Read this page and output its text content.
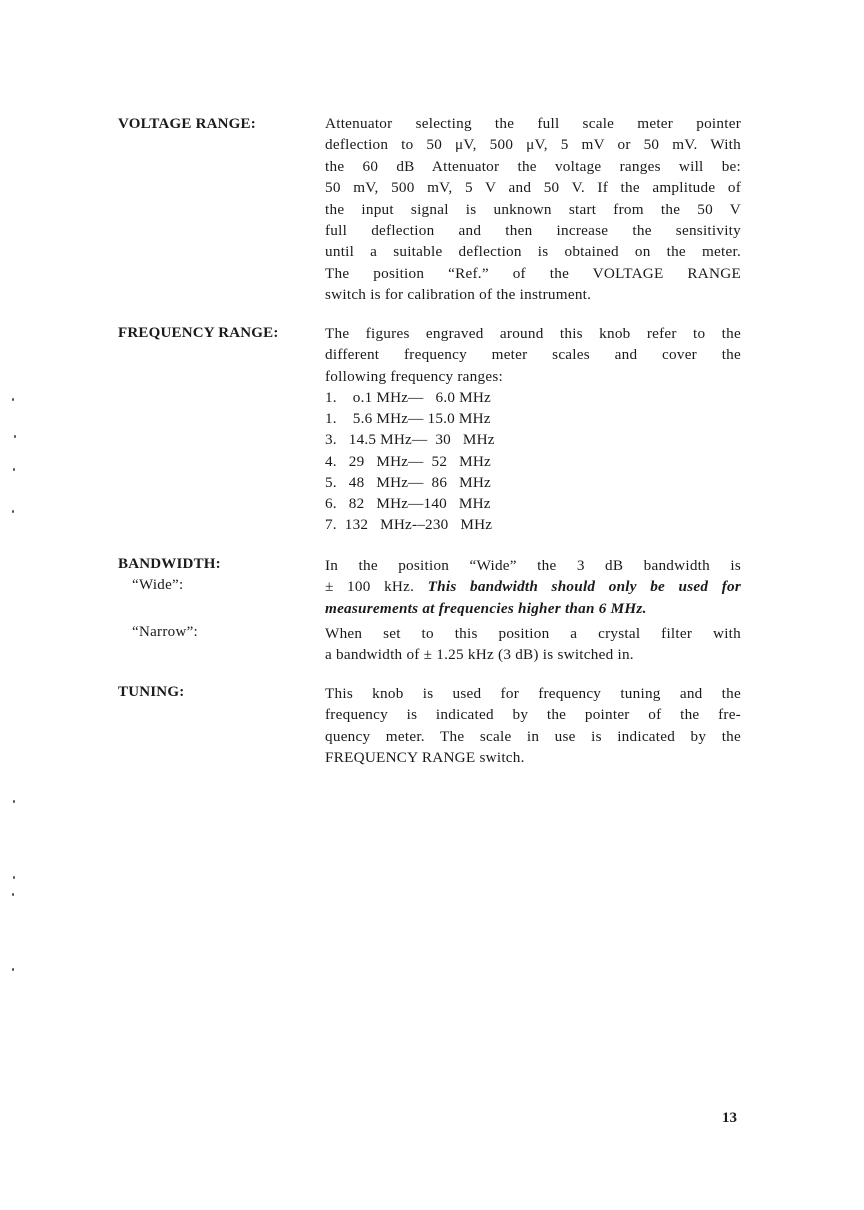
VOLTAGE RANGE:	Attenuator selecting the full scale meter pointer
deflection to 50 μV, 500 μV, 5 mV or 50 mV. With
the 60 dB Attenuator the voltage ranges will be:
50 mV, 500 mV, 5 V and 50 V. If the amplitude of
the input signal is unknown start from the 50 V
full deflection and then increase the sensitivity
until a suitable deflection is obtained on the meter.
The position “Ref.” of the VOLTAGE RANGE
switch is for calibration of the instrument.
FREQUENCY RANGE:	The figures engraved around this knob refer to the
different frequency meter scales and cover the
following frequency ranges:
1.    o.1 MHz—   6.0 MHz
1.    5.6 MHz— 15.0 MHz
3.   14.5 MHz—  30   MHz
4.   29   MHz—  52   MHz
5.   48   MHz—  86   MHz
6.   82   MHz—140   MHz
7.  132   MHz-–230   MHz
BANDWIDTH:
“Wide”:
In the position “Wide” the 3 dB bandwidth is
± 100 kHz. This bandwidth should only be used for
measurements at frequencies higher than 6 MHz.
“Narrow”:	When set to this position a crystal filter with
a bandwidth of ± 1.25 kHz (3 dB) is switched in.
TUNING:	This knob is used for frequency tuning and the
frequency is indicated by the pointer of the fre-
quency meter. The scale in use is indicated by the
FREQUENCY RANGE switch.
13
